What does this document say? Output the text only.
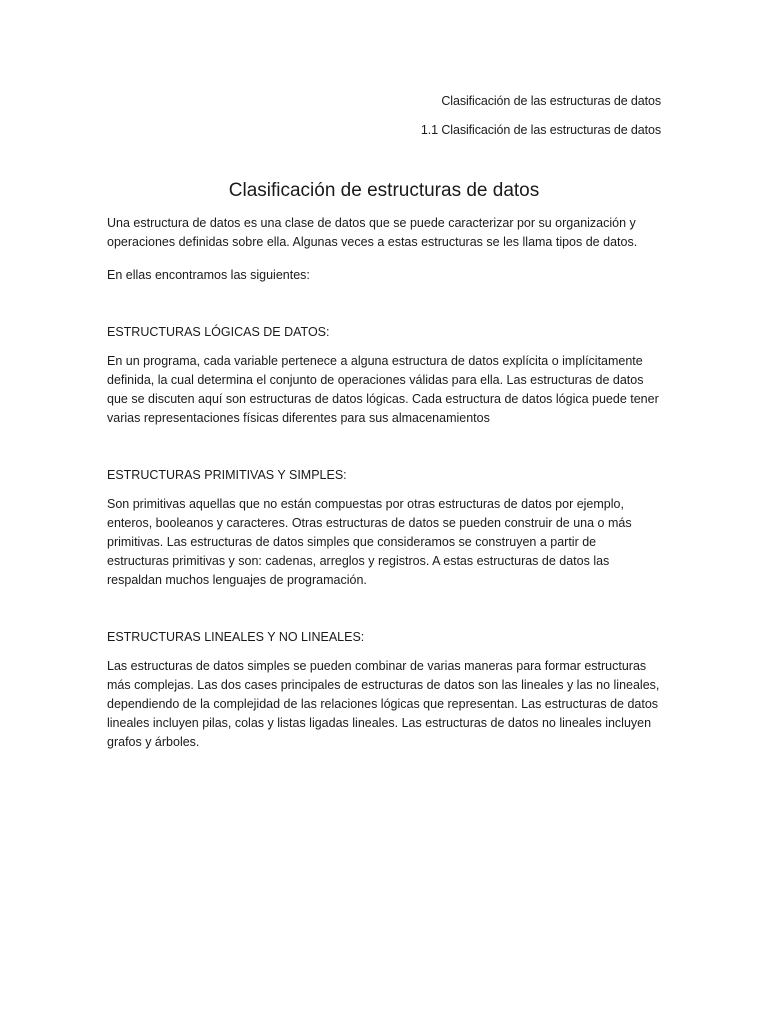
Clasificación de las estructuras de datos
1.1 Clasificación de las estructuras de datos
Clasificación de estructuras de datos

Una estructura de datos es una clase de datos que se puede caracterizar por su organización y
operaciones definidas sobre ella. Algunas veces a estas estructuras se les llama tipos de datos.

En ellas encontramos las siguientes:

ESTRUCTURAS LÓGICAS DE DATOS:

En un programa, cada variable pertenece a alguna estructura de datos explícita o implícitamente
definida, la cual determina el conjunto de operaciones válidas para ella. Las estructuras de datos
que se discuten aquí son estructuras de datos lógicas. Cada estructura de datos lógica puede tener
varias representaciones físicas diferentes para sus almacenamientos

ESTRUCTURAS PRIMITIVAS Y SIMPLES:

Son primitivas aquellas que no están compuestas por otras estructuras de datos por ejemplo,
enteros, booleanos y caracteres. Otras estructuras de datos se pueden construir de una o más
primitivas. Las estructuras de datos simples que consideramos se construyen a partir de
estructuras primitivas y son: cadenas, arreglos y registros. A estas estructuras de datos las
respaldan muchos lenguajes de programación.

ESTRUCTURAS LINEALES Y NO LINEALES:

Las estructuras de datos simples se pueden combinar de varias maneras para formar estructuras
más complejas. Las dos cases principales de estructuras de datos son las lineales y las no lineales,
dependiendo de la complejidad de las relaciones lógicas que representan. Las estructuras de datos
lineales incluyen pilas, colas y listas ligadas lineales. Las estructuras de datos no lineales incluyen
grafos y árboles.
